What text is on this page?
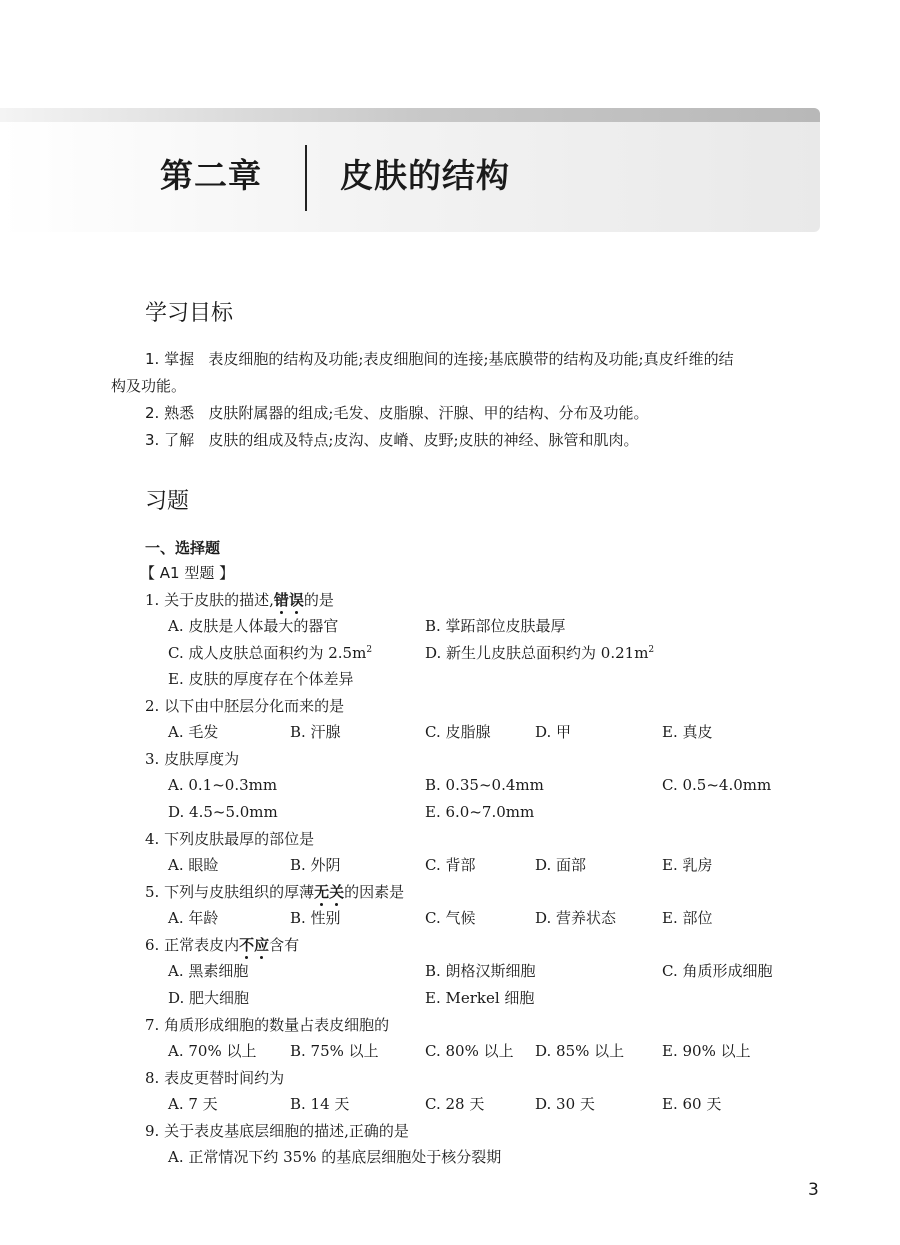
第二章 皮肤的结构
学习目标
1. 掌握 表皮细胞的结构及功能;表皮细胞间的连接;基底膜带的结构及功能;真皮纤维的结
构及功能。
2. 熟悉 皮肤附属器的组成;毛发、皮脂腺、汗腺、甲的结构、分布及功能。
3. 了解 皮肤的组成及特点;皮沟、皮嵴、皮野;皮肤的神经、脉管和肌肉。
习题
一、选择题
【 A1 型题 】
1. 关于皮肤的描述,错误的是
A. 皮肤是人体最大的器官	B. 掌跖部位皮肤最厚
C. 成人皮肤总面积约为 $2.5m^2$	D. 新生儿皮肤总面积约为 $0.21m^2$
E. 皮肤的厚度存在个体差异
2. 以下由中胚层分化而来的是
A. 毛发	B. 汗腺	C. 皮脂腺	D. 甲	E. 真皮
3. 皮肤厚度为
A. 0.1~0.3mm	B. 0.35~0.4mm	C. 0.5~4.0mm
D. 4.5~5.0mm	E. 6.0~7.0mm
4. 下列皮肤最厚的部位是
A. 眼睑	B. 外阴	C. 背部	D. 面部	E. 乳房
5. 下列与皮肤组织的厚薄无关的因素是
A. 年龄	B. 性别	C. 气候	D. 营养状态	E. 部位
6. 正常表皮内不应含有
A. 黑素细胞	B. 朗格汉斯细胞	C. 角质形成细胞
D. 肥大细胞	E. Merkel 细胞
7. 角质形成细胞的数量占表皮细胞的
A. 70% 以上 B. 75% 以上	C. 80% 以上 D. 85% 以上	E. 90% 以上
8. 表皮更替时间约为
A. 7 天	B. 14 天	C. 28 天	D. 30 天	E. 60 天
9. 关于表皮基底层细胞的描述,正确的是
A. 正常情况下约 35% 的基底层细胞处于核分裂期
3
